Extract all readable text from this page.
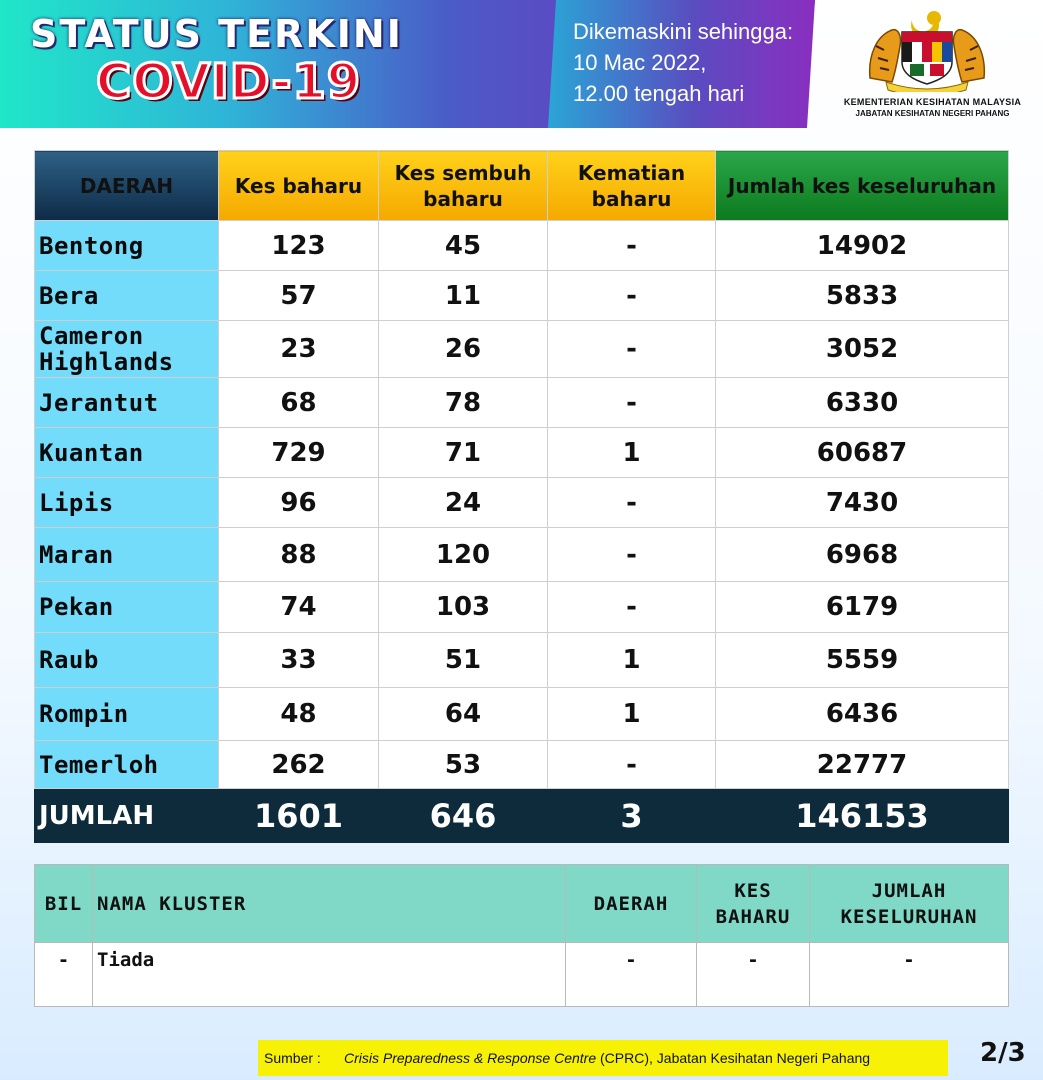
STATUS TERKINI
COVID-19
Dikemaskini sehingga:
10 Mac 2022,
12.00 tengah hari	KEMENTERIAN KESIHATAN MALAYSIA
JABATAN KESIHATAN NEGERI PAHANG
DAERAH	Kes baharu	Kes sembuh baharu	Kematian baharu	Jumlah kes keseluruhan
Bentong	123	45	-	14902
Bera	57	11	-	5833
Cameron Highlands	23	26	-	3052
Jerantut	68	78	-	6330
Kuantan	729	71	1	60687
Lipis	96	24	-	7430
Maran	88	120	-	6968
Pekan	74	103	-	6179
Raub	33	51	1	5559
Rompin	48	64	1	6436
Temerloh	262	53	-	22777
JUMLAH	1601	646	3	146153
BIL	NAMA KLUSTER	DAERAH	KES BAHARU	JUMLAH KESELURUHAN
-	Tiada	-	-	-
Sumber :	Crisis Preparedness & Response Centre (CPRC), Jabatan Kesihatan Negeri Pahang	2/3
